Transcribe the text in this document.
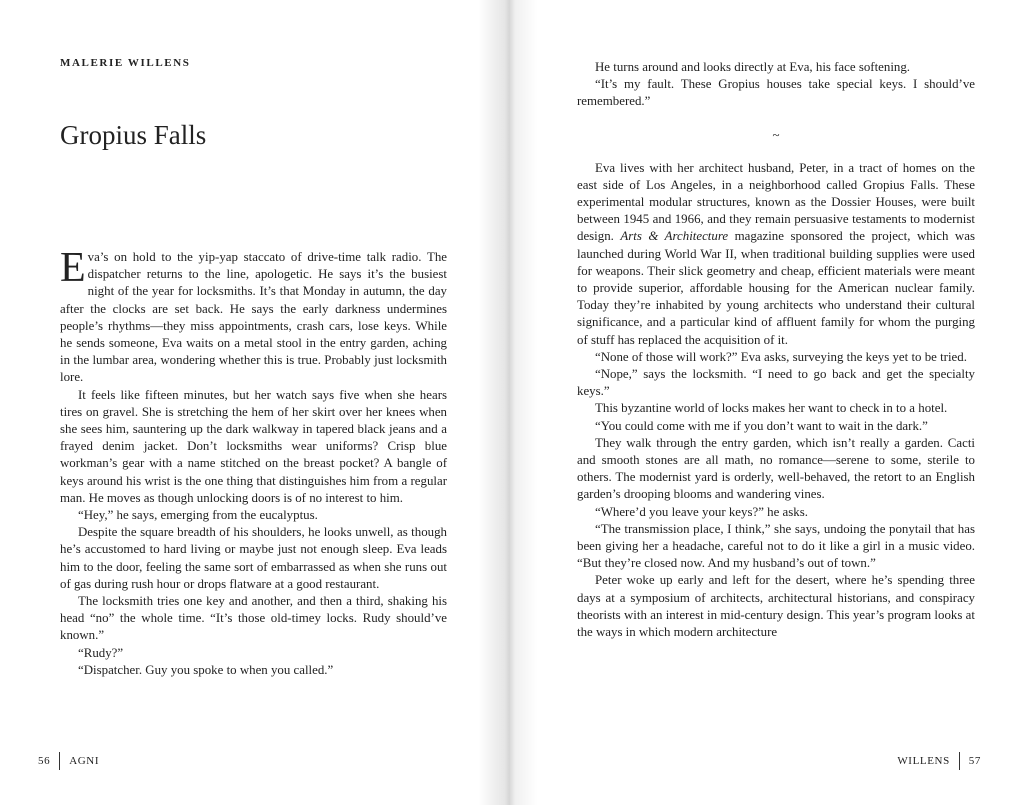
MALERIE WILLENS
Gropius Falls

Eva’s on hold to the yip-yap staccato of drive-time talk radio. The dispatcher returns to the line, apologetic. He says it’s the busiest night of the year for locksmiths. It’s that Monday in autumn, the day after the clocks are set back. He says the early darkness undermines people’s rhythms—they miss appointments, crash cars, lose keys. While he sends someone, Eva waits on a metal stool in the entry garden, aching in the lumbar area, wondering whether this is true. Probably just locksmith lore.

It feels like fifteen minutes, but her watch says five when she hears tires on gravel. She is stretching the hem of her skirt over her knees when she sees him, sauntering up the dark walkway in tapered black jeans and a frayed denim jacket. Don’t locksmiths wear uniforms? Crisp blue workman’s gear with a name stitched on the breast pocket? A bangle of keys around his wrist is the one thing that distinguishes him from a regular man. He moves as though unlocking doors is of no interest to him.

“Hey,” he says, emerging from the eucalyptus.

Despite the square breadth of his shoulders, he looks unwell, as though he’s accustomed to hard living or maybe just not enough sleep. Eva leads him to the door, feeling the same sort of embarrassed as when she runs out of gas during rush hour or drops flatware at a good restaurant.

The locksmith tries one key and another, and then a third, shaking his head “no” the whole time. “It’s those old-timey locks. Rudy should’ve known.”

“Rudy?”

“Dispatcher. Guy you spoke to when you called.”

56 AGNI

He turns around and looks directly at Eva, his face softening.

“It’s my fault. These Gropius houses take special keys. I should’ve remembered.”

~

Eva lives with her architect husband, Peter, in a tract of homes on the east side of Los Angeles, in a neighborhood called Gropius Falls. These experimental modular structures, known as the Dossier Houses, were built between 1945 and 1966, and they remain persuasive testaments to modernist design. Arts & Architecture magazine sponsored the project, which was launched during World War II, when traditional building supplies were used for weapons. Their slick geometry and cheap, efficient materials were meant to provide superior, affordable housing for the American nuclear family. Today they’re inhabited by young architects who understand their cultural significance, and a particular kind of affluent family for whom the purging of stuff has replaced the acquisition of it.

“None of those will work?” Eva asks, surveying the keys yet to be tried.

“Nope,” says the locksmith. “I need to go back and get the specialty keys.”

This byzantine world of locks makes her want to check in to a hotel.

“You could come with me if you don’t want to wait in the dark.”

They walk through the entry garden, which isn’t really a garden. Cacti and smooth stones are all math, no romance—serene to some, sterile to others. The modernist yard is orderly, well-behaved, the retort to an English garden’s drooping blooms and wandering vines.

“Where’d you leave your keys?” he asks.

“The transmission place, I think,” she says, undoing the ponytail that has been giving her a headache, careful not to do it like a girl in a music video. “But they’re closed now. And my husband’s out of town.”

Peter woke up early and left for the desert, where he’s spending three days at a symposium of architects, architectural historians, and conspiracy theorists with an interest in mid-century design. This year’s program looks at the ways in which modern architecture

WILLENS 57
